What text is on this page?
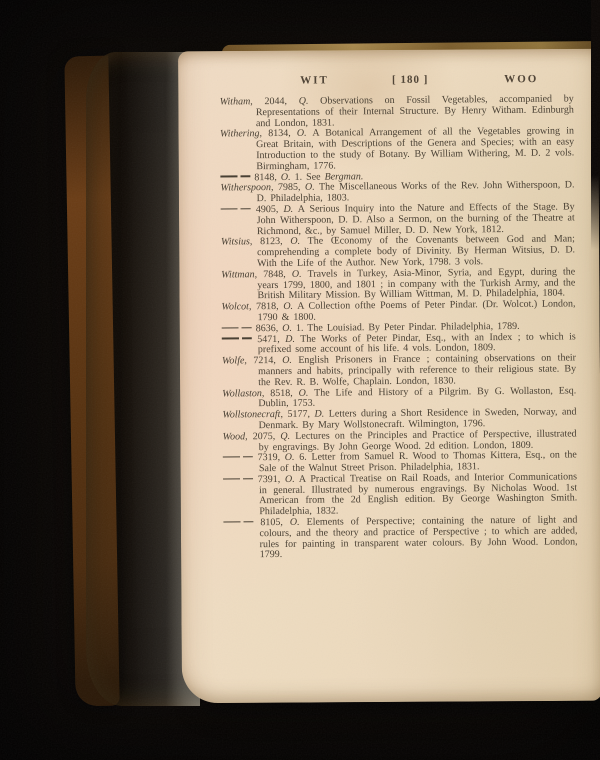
WIT	[ 180 ]	WOO

Witham, 2044, Q. Observations on Fossil Vegetables, accompanied by Representations of their Internal Structure. By Henry Witham. Edinburgh and London, 1831.

Withering, 8134, O. A Botanical Arrangement of all the Vegetables growing in Great Britain, with Descriptions of the Genera and Species; with an easy Introduction to the study of Botany. By William Withering, M. D. 2 vols. Birmingham, 1776.

8148, O. 1. See Bergman.

Witherspoon, 7985, O. The Miscellaneous Works of the Rev. John Witherspoon, D. D. Philadelphia, 1803.

4905, D. A Serious Inquiry into the Nature and Effects of the Stage. By John Witherspoon, D. D. Also a Sermon, on the burning of the Theatre at Richmond, &c., by Samuel Miller, D. D. New York, 1812.

Witsius, 8123, O. The Œconomy of the Covenants between God and Man; comprehending a complete body of Divinity. By Herman Witsius, D. D. With the Life of the Author. New York, 1798. 3 vols.

Wittman, 7848, O. Travels in Turkey, Asia-Minor, Syria, and Egypt, during the years 1799, 1800, and 1801 ; in company with the Turkish Army, and the British Military Mission. By William Wittman, M. D. Philadelphia, 1804.

Wolcot, 7818, O. A Collection ofthe Poems of Peter Pindar. (Dr. Wolcot.) London, 1790 & 1800.

8636, O. 1. The Louisiad. By Peter Pindar. Philadelphia, 1789.

5471, D. The Works of Peter Pindar, Esq., with an Index ; to which is prefixed some account of his life. 4 vols. London, 1809.

Wolfe, 7214, O. English Prisoners in France ; containing observations on their manners and habits, principally with reference to their religious state. By the Rev. R. B. Wolfe, Chaplain. London, 1830.

Wollaston, 8518, O. The Life and History of a Pilgrim. By G. Wollaston, Esq. Dublin, 1753.

Wollstonecraft, 5177, D. Letters during a Short Residence in Sweden, Norway, and Denmark. By Mary Wollstonecraft. Wilmington, 1796.

Wood, 2075, Q. Lectures on the Principles and Practice of Perspective, illustrated by engravings. By John George Wood. 2d edition. London, 1809.

7319, O. 6. Letter from Samuel R. Wood to Thomas Kittera, Esq., on the Sale of the Walnut Street Prison. Philadelphia, 1831.

7391, O. A Practical Treatise on Rail Roads, and Interior Communications in general. Illustrated by numerous engravings. By Nicholas Wood. 1st American from the 2d English edition. By George Washington Smith. Philadelphia, 1832.

8105, O. Elements of Perspective; containing the nature of light and colours, and the theory and practice of Perspective ; to which are added, rules for painting in transparent water colours. By John Wood. London, 1799.
